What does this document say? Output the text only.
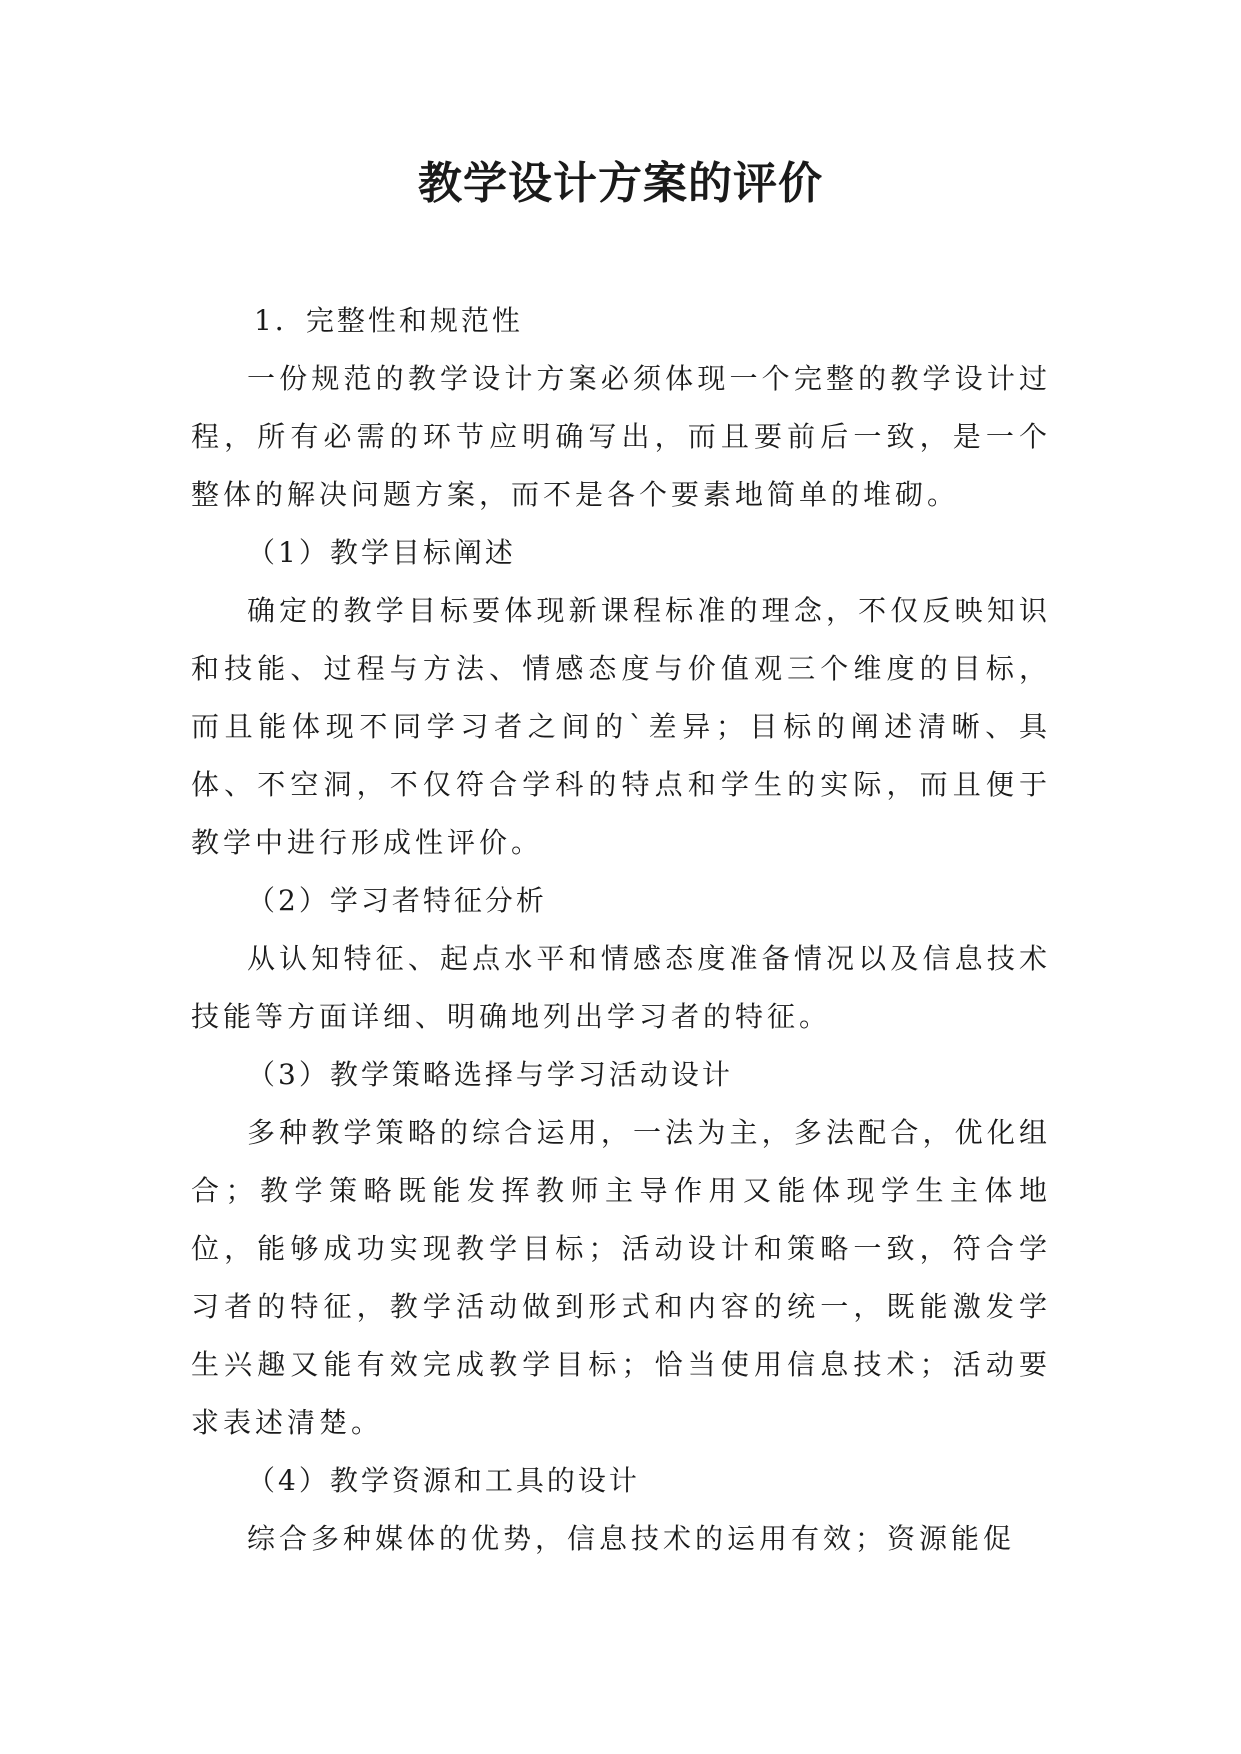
教学设计方案的评价

1．完整性和规范性

一份规范的教学设计方案必须体现一个完整的教学设计过程，所有必需的环节应明确写出，而且要前后一致，是一个整体的解决问题方案，而不是各个要素地简单的堆砌。

（1）教学目标阐述

确定的教学目标要体现新课程标准的理念，不仅反映知识和技能、过程与方法、情感态度与价值观三个维度的目标，而且能体现不同学习者之间的`差异；目标的阐述清晰、具体、不空洞，不仅符合学科的特点和学生的实际，而且便于教学中进行形成性评价。

（2）学习者特征分析

从认知特征、起点水平和情感态度准备情况以及信息技术技能等方面详细、明确地列出学习者的特征。

（3）教学策略选择与学习活动设计

多种教学策略的综合运用，一法为主，多法配合，优化组合；教学策略既能发挥教师主导作用又能体现学生主体地位，能够成功实现教学目标；活动设计和策略一致，符合学习者的特征，教学活动做到形式和内容的统一，既能激发学生兴趣又能有效完成教学目标；恰当使用信息技术；活动要求表述清楚。

（4）教学资源和工具的设计

综合多种媒体的优势，信息技术的运用有效；资源能促
